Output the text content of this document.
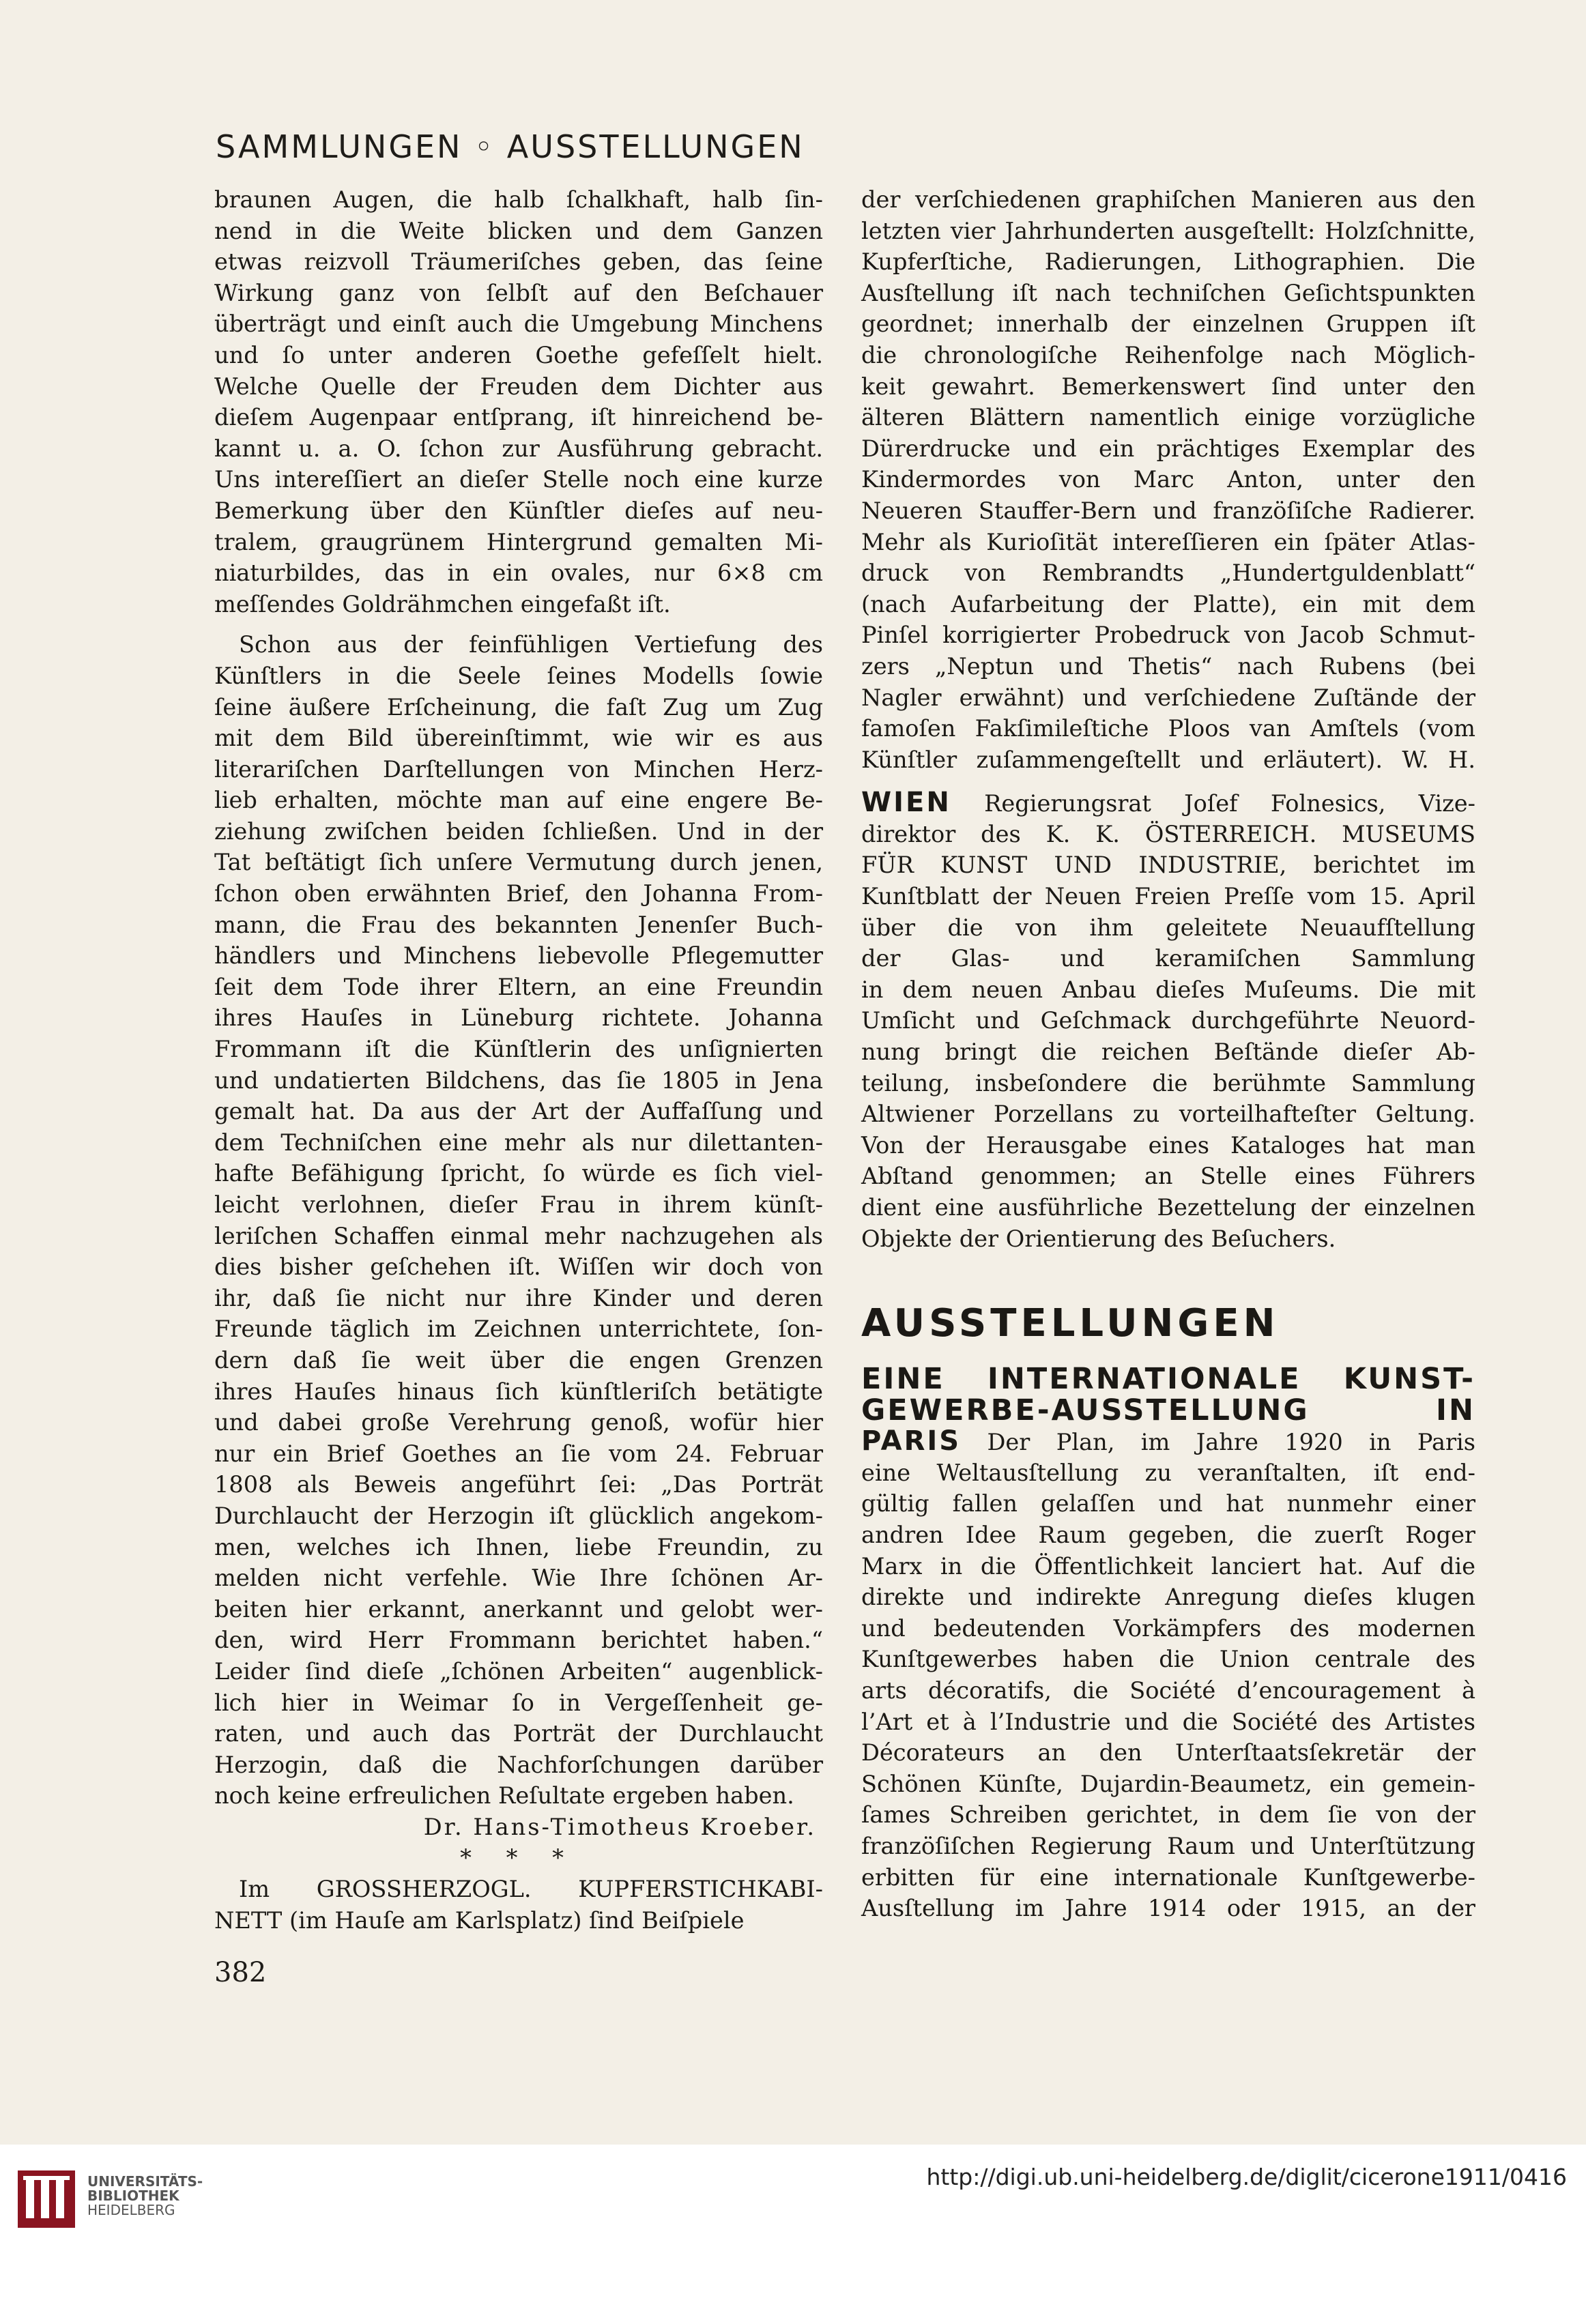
SAMMLUNGEN ◦ AUSSTELLUNGEN
braunen Augen, die halb ſchalkhaft, halb ſin-
nend in die Weite blicken und dem Ganzen
etwas reizvoll Träumeriſches geben, das ſeine
Wirkung ganz von ſelbſt auf den Beſchauer
überträgt und einſt auch die Umgebung Minchens
und ſo unter anderen Goethe gefeſſelt hielt.
Welche Quelle der Freuden dem Dichter aus
dieſem Augenpaar entſprang, iſt hinreichend be-
kannt u. a. O. ſchon zur Ausführung gebracht.
Uns intereſſiert an dieſer Stelle noch eine kurze
Bemerkung über den Künſtler dieſes auf neu-
tralem, graugrünem Hintergrund gemalten Mi-
niaturbildes, das in ein ovales, nur 6×8 cm
meſſendes Goldrähmchen eingefaßt iſt.
Schon aus der feinfühligen Vertiefung des
Künſtlers in die Seele ſeines Modells ſowie
ſeine äußere Erſcheinung, die faſt Zug um Zug
mit dem Bild übereinſtimmt, wie wir es aus
literariſchen Darſtellungen von Minchen Herz-
lieb erhalten, möchte man auf eine engere Be-
ziehung zwiſchen beiden ſchließen. Und in der
Tat beſtätigt ſich unſere Vermutung durch jenen,
ſchon oben erwähnten Brief, den Johanna From-
mann, die Frau des bekannten Jenenſer Buch-
händlers und Minchens liebevolle Pflegemutter
ſeit dem Tode ihrer Eltern, an eine Freundin
ihres Hauſes in Lüneburg richtete. Johanna
Frommann iſt die Künſtlerin des unſignierten
und undatierten Bildchens, das ſie 1805 in Jena
gemalt hat. Da aus der Art der Auffaſſung und
dem Techniſchen eine mehr als nur dilettanten-
hafte Befähigung ſpricht, ſo würde es ſich viel-
leicht verlohnen, dieſer Frau in ihrem künſt-
leriſchen Schaffen einmal mehr nachzugehen als
dies bisher geſchehen iſt. Wiſſen wir doch von
ihr, daß ſie nicht nur ihre Kinder und deren
Freunde täglich im Zeichnen unterrichtete, ſon-
dern daß ſie weit über die engen Grenzen
ihres Hauſes hinaus ſich künſtleriſch betätigte
und dabei große Verehrung genoß, wofür hier
nur ein Brief Goethes an ſie vom 24. Februar
1808 als Beweis angeführt ſei: „Das Porträt
Durchlaucht der Herzogin iſt glücklich angekom-
men, welches ich Ihnen, liebe Freundin, zu
melden nicht verfehle. Wie Ihre ſchönen Ar-
beiten hier erkannt, anerkannt und gelobt wer-
den, wird Herr Frommann berichtet haben.“
Leider ſind dieſe „ſchönen Arbeiten“ augenblick-
lich hier in Weimar ſo in Vergeſſenheit ge-
raten, und auch das Porträt der Durchlaucht
Herzogin, daß die Nachforſchungen darüber
noch keine erfreulichen Reſultate ergeben haben.
Dr. Hans-Timotheus Kroeber.
* * *
Im GROSSHERZOGL. KUPFERSTICHKABI-
NETT (im Hauſe am Karlsplatz) ſind Beiſpiele
der verſchiedenen graphiſchen Manieren aus den
letzten vier Jahrhunderten ausgeſtellt: Holzſchnitte,
Kupferſtiche, Radierungen, Lithographien. Die
Ausſtellung iſt nach techniſchen Geſichtspunkten
geordnet; innerhalb der einzelnen Gruppen iſt
die chronologiſche Reihenfolge nach Möglich-
keit gewahrt. Bemerkenswert ſind unter den
älteren Blättern namentlich einige vorzügliche
Dürerdrucke und ein prächtiges Exemplar des
Kindermordes von Marc Anton, unter den
Neueren Stauffer-Bern und franzöſiſche Radierer.
Mehr als Kurioſität intereſſieren ein ſpäter Atlas-
druck von Rembrandts „Hundertguldenblatt“
(nach Aufarbeitung der Platte), ein mit dem
Pinſel korrigierter Probedruck von Jacob Schmut-
zers „Neptun und Thetis“ nach Rubens (bei
Nagler erwähnt) und verſchiedene Zuſtände der
famoſen Fakſimileſtiche Ploos van Amſtels (vom
Künſtler zuſammengeſtellt und erläutert). W. H.
WIEN Regierungsrat Joſef Folnesics, Vize-
direktor des K. K. ÖSTERREICH. MUSEUMS
FÜR KUNST UND INDUSTRIE, berichtet im
Kunſtblatt der Neuen Freien Preſſe vom 15. April
über die von ihm geleitete Neuaufſtellung
der Glas- und keramiſchen Sammlung
in dem neuen Anbau dieſes Muſeums. Die mit
Umſicht und Geſchmack durchgeführte Neuord-
nung bringt die reichen Beſtände dieſer Ab-
teilung, insbeſondere die berühmte Sammlung
Altwiener Porzellans zu vorteilhafteſter Geltung.
Von der Herausgabe eines Kataloges hat man
Abſtand genommen; an Stelle eines Führers
dient eine ausführliche Bezettelung der einzelnen
Objekte der Orientierung des Beſuchers.
AUSSTELLUNGEN
EINE INTERNATIONALE KUNST-
GEWERBE-AUSSTELLUNG IN
PARIS Der Plan, im Jahre 1920 in Paris
eine Weltausſtellung zu veranſtalten, iſt end-
gültig fallen gelaſſen und hat nunmehr einer
andren Idee Raum gegeben, die zuerſt Roger
Marx in die Öffentlichkeit lanciert hat. Auf die
direkte und indirekte Anregung dieſes klugen
und bedeutenden Vorkämpfers des modernen
Kunſtgewerbes haben die Union centrale des
arts décoratifs, die Société d’encouragement à
l’Art et à l’Industrie und die Société des Artistes
Décorateurs an den Unterſtaatsſekretär der
Schönen Künſte, Dujardin-Beaumetz, ein gemein-
ſames Schreiben gerichtet, in dem ſie von der
franzöſiſchen Regierung Raum und Unterſtützung
erbitten für eine internationale Kunſtgewerbe-
Ausſtellung im Jahre 1914 oder 1915, an der
382
UNIVERSITÄTS-
BIBLIOTHEK
HEIDELBERG
http://digi.ub.uni-heidelberg.de/diglit/cicerone1911/0416
